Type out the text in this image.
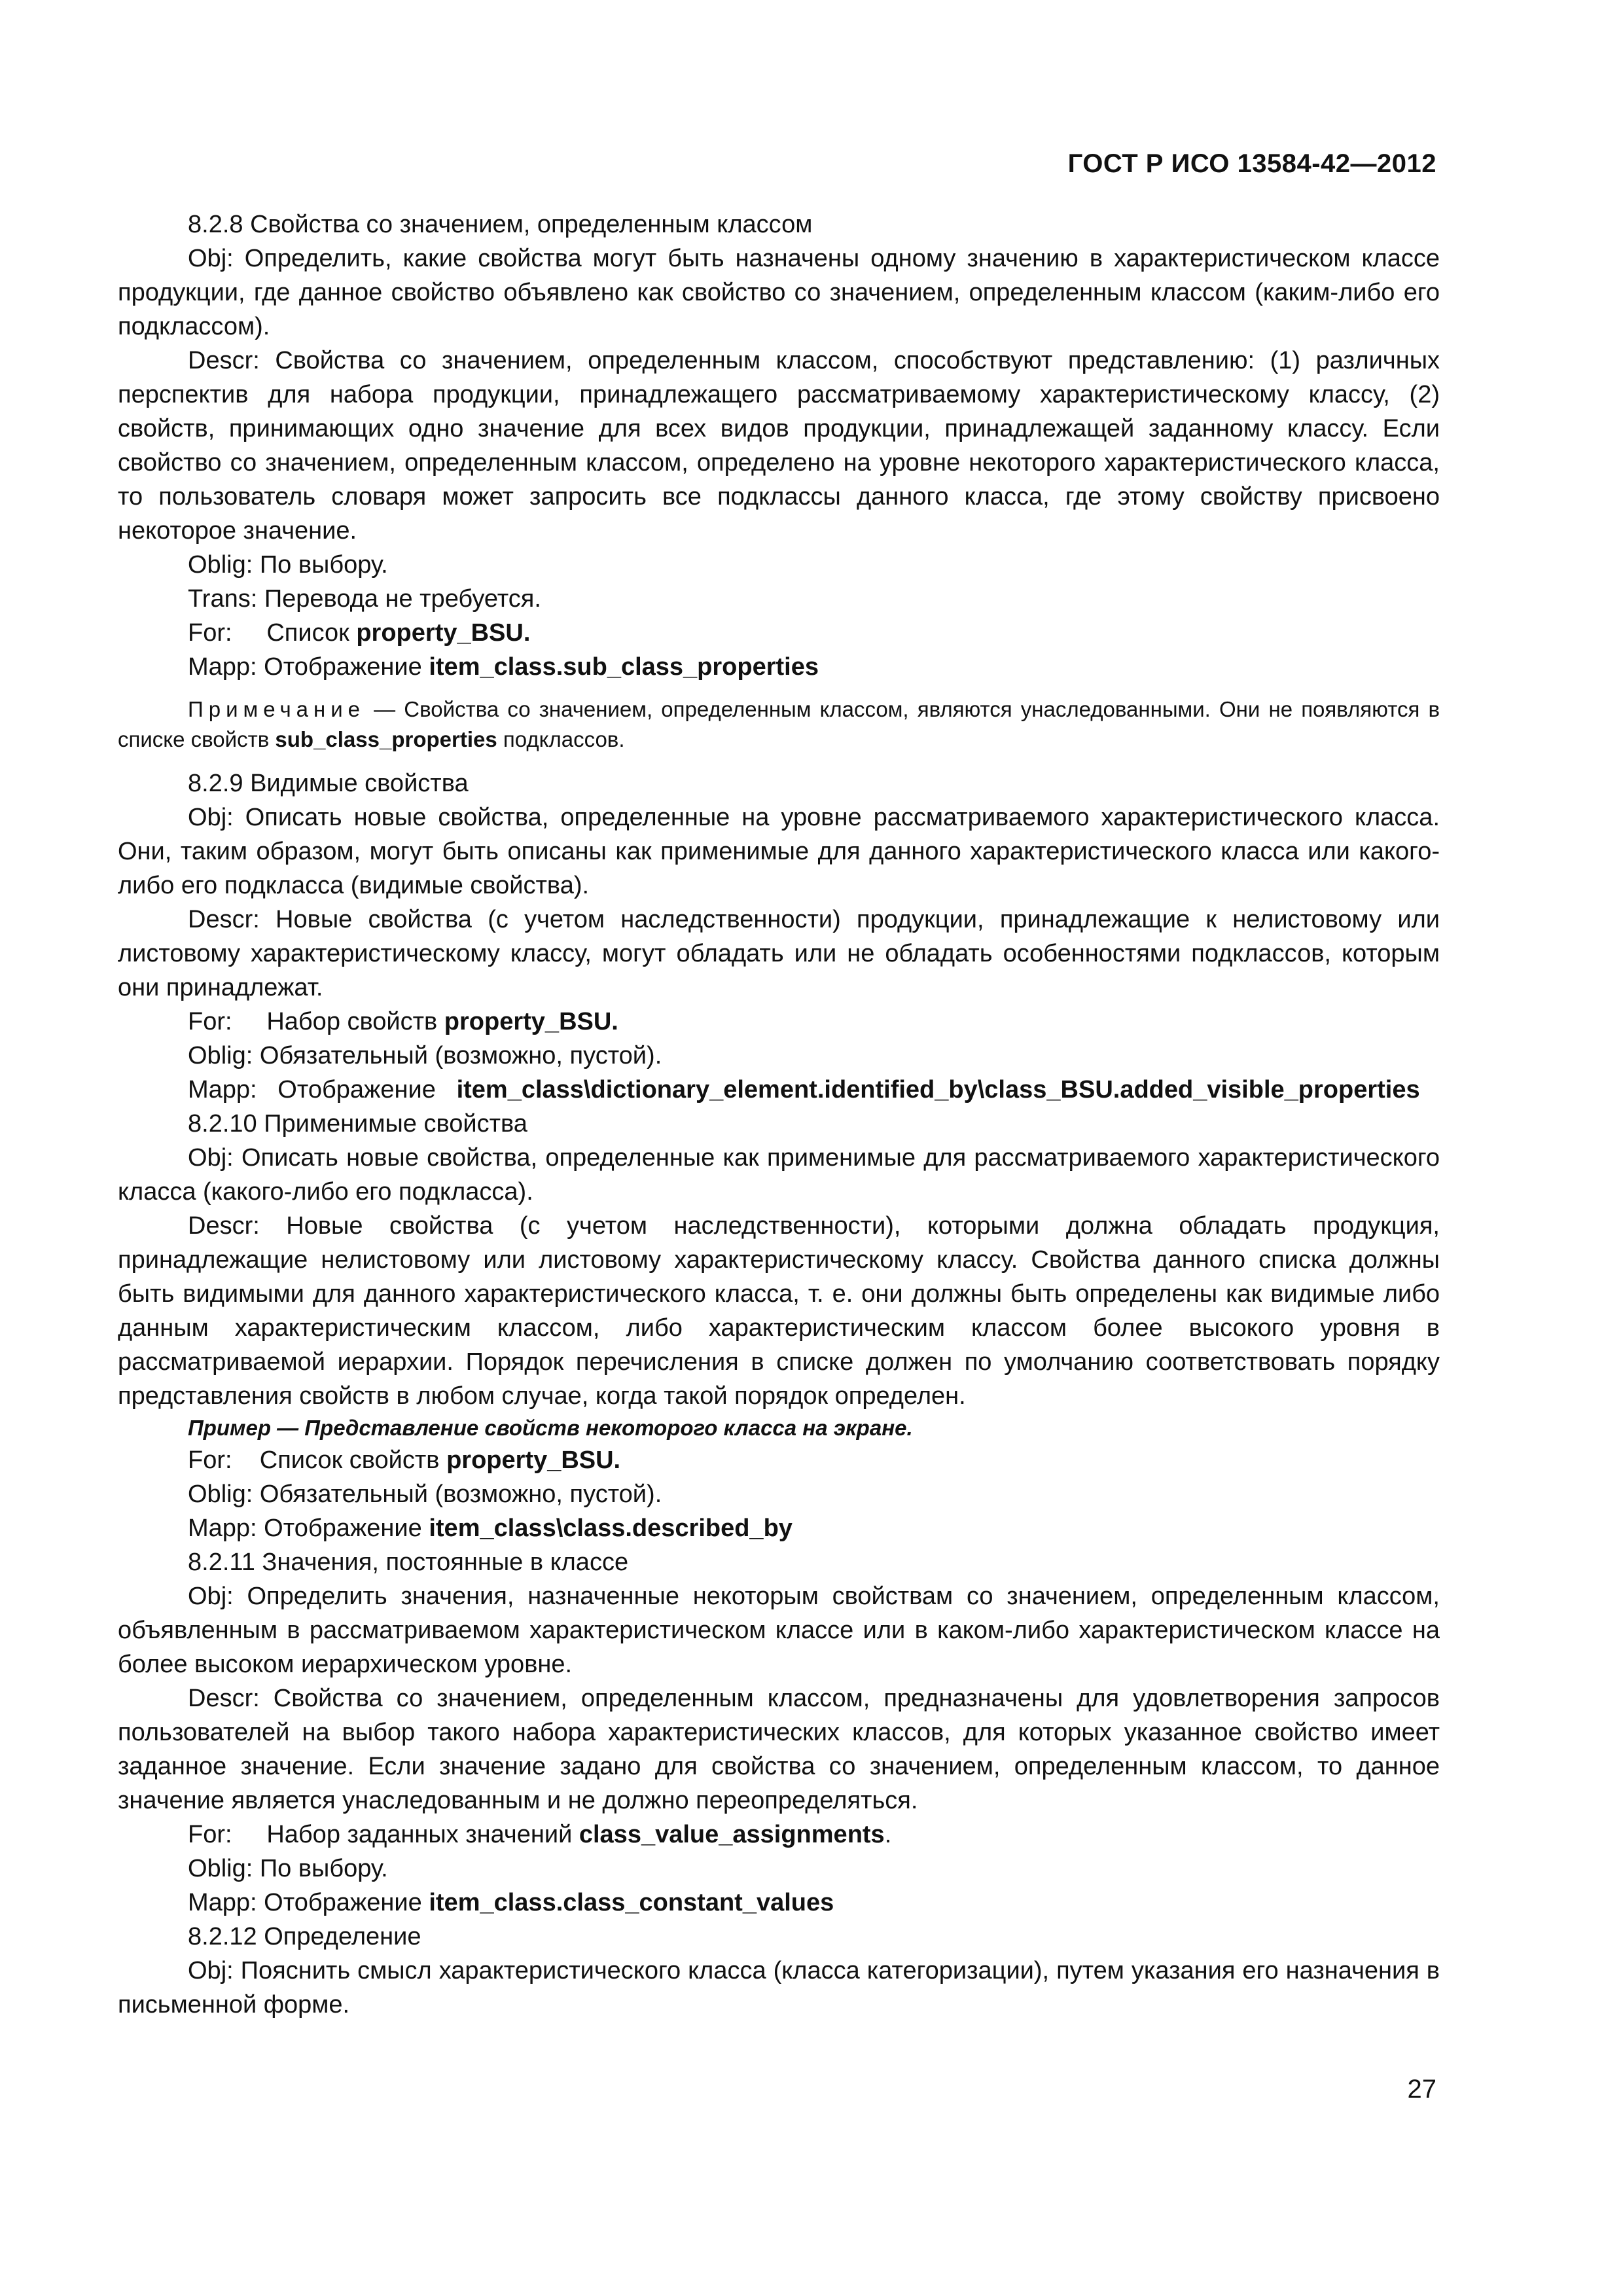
ГОСТ Р ИСО 13584-42—2012

8.2.8 Свойства со значением, определенным классом

Obj: Определить, какие свойства могут быть назначены одному значению в характеристическом классе продукции, где данное свойство объявлено как свойство со значением, определенным классом (каким-либо его подклассом).

Descr: Свойства со значением, определенным классом, способствуют представлению: (1) различных перспектив для набора продукции, принадлежащего рассматриваемому характеристическому классу, (2) свойств, принимающих одно значение для всех видов продукции, принадлежащей заданному классу. Если свойство со значением, определенным классом, определено на уровне некоторого характеристического класса, то пользователь словаря может запросить все подклассы данного класса, где этому свойству присвоено некоторое значение.

Oblig: По выбору.

Trans: Перевода не требуется.

For:     Список property_BSU.

Mapp: Отображение item_class.sub_class_properties

Примечание — Свойства со значением, определенным классом, являются унаследованными. Они не появляются в списке свойств sub_class_properties подклассов.

8.2.9 Видимые свойства

Obj: Описать новые свойства, определенные на уровне рассматриваемого характеристического класса. Они, таким образом, могут быть описаны как применимые для данного характеристического класса или какого-либо его подкласса (видимые свойства).

Descr: Новые свойства (с учетом наследственности) продукции, принадлежащие к нелистовому или листовому характеристическому классу, могут обладать или не обладать особенностями подклассов, которым они принадлежат.

For:     Набор свойств property_BSU.

Oblig: Обязательный (возможно, пустой).

Mapp:   Отображение   item_class\dictionary_element.identified_by\class_BSU.added_visible_properties

8.2.10 Применимые свойства

Obj: Описать новые свойства, определенные как применимые для рассматриваемого характеристического класса (какого-либо его подкласса).

Descr: Новые свойства (с учетом наследственности), которыми должна обладать продукция, принадлежащие нелистовому или листовому характеристическому классу. Свойства данного списка должны быть видимыми для данного характеристического класса, т. е. они должны быть определены как видимые либо данным характеристическим классом, либо характеристическим классом более высокого уровня в рассматриваемой иерархии. Порядок перечисления в списке должен по умолчанию соответствовать порядку представления свойств в любом случае, когда такой порядок определен.

Пример — Представление свойств некоторого класса на экране.

For:    Список свойств property_BSU.

Oblig: Обязательный (возможно, пустой).

Mapp: Отображение item_class\class.described_by

8.2.11 Значения, постоянные в классе

Obj: Определить значения, назначенные некоторым свойствам со значением, определенным классом, объявленным в рассматриваемом характеристическом классе или в каком-либо характеристическом классе на более высоком иерархическом уровне.

Descr: Свойства со значением, определенным классом, предназначены для удовлетворения запросов пользователей на выбор такого набора характеристических классов, для которых указанное свойство имеет заданное значение. Если значение задано для свойства со значением, определенным классом, то данное значение является унаследованным и не должно переопределяться.

For:     Набор заданных значений class_value_assignments.

Oblig: По выбору.

Mapp: Отображение item_class.class_constant_values

8.2.12 Определение

Obj: Пояснить смысл характеристического класса (класса категоризации), путем указания его назначения в письменной форме.

27
